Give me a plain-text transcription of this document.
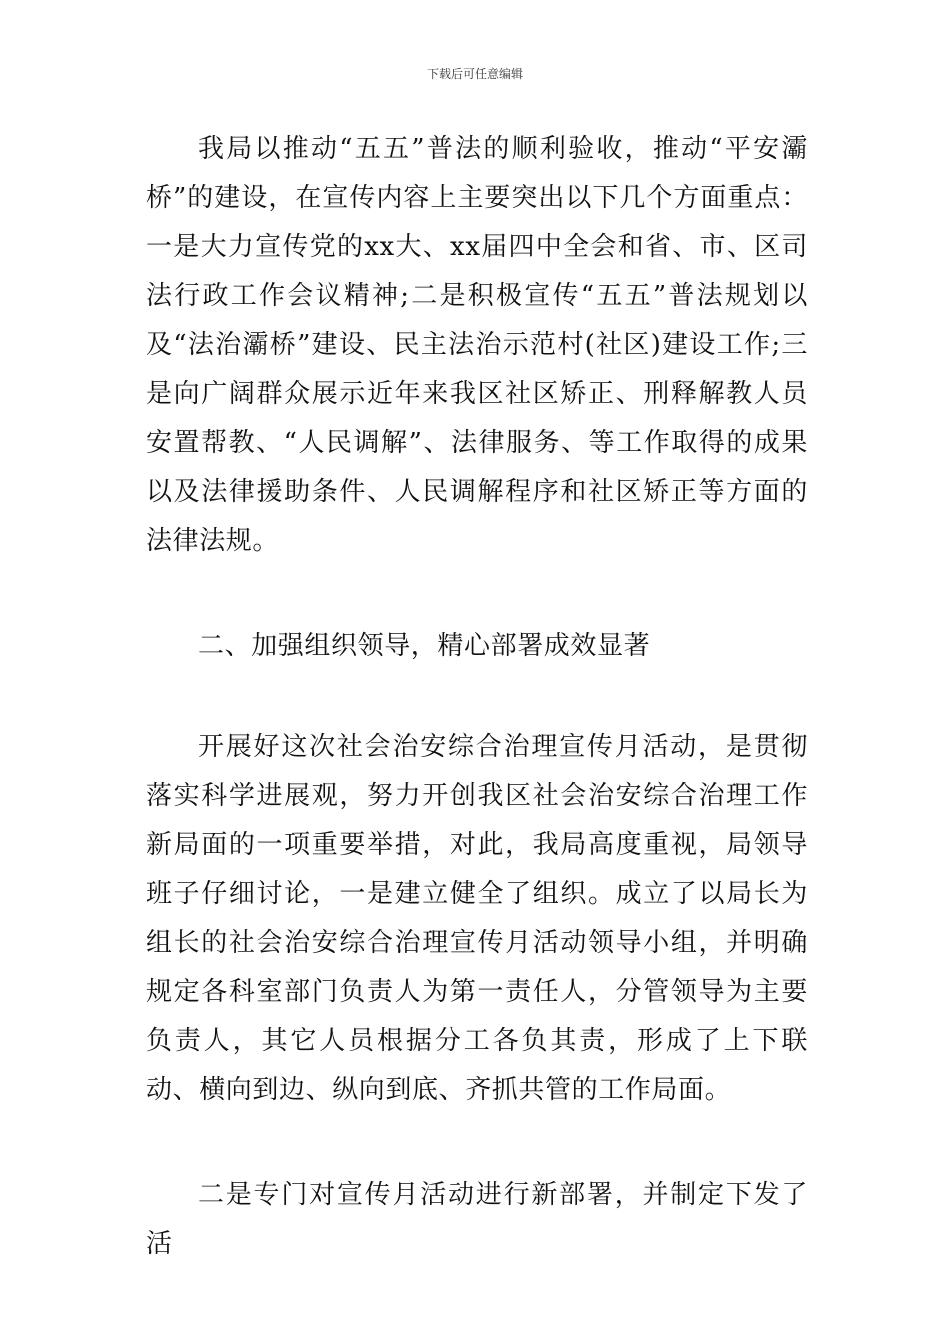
下载后可任意编辑

我局以推动“五五”普法的顺利验收，推动“平安灞桥”的建设，在宣传内容上主要突出以下几个方面重点：一是大力宣传党的xx大、xx届四中全会和省、市、区司法行政工作会议精神;二是积极宣传“五五”普法规划以及“法治灞桥”建设、民主法治示范村(社区)建设工作;三是向广阔群众展示近年来我区社区矫正、刑释解教人员安置帮教、“人民调解”、法律服务、等工作取得的成果以及法律援助条件、人民调解程序和社区矫正等方面的法律法规。

二、加强组织领导，精心部署成效显著

开展好这次社会治安综合治理宣传月活动，是贯彻落实科学进展观，努力开创我区社会治安综合治理工作新局面的一项重要举措，对此，我局高度重视，局领导班子仔细讨论，一是建立健全了组织。成立了以局长为组长的社会治安综合治理宣传月活动领导小组，并明确规定各科室部门负责人为第一责任人，分管领导为主要负责人，其它人员根据分工各负其责，形成了上下联动、横向到边、纵向到底、齐抓共管的工作局面。

二是专门对宣传月活动进行新部署，并制定下发了活
